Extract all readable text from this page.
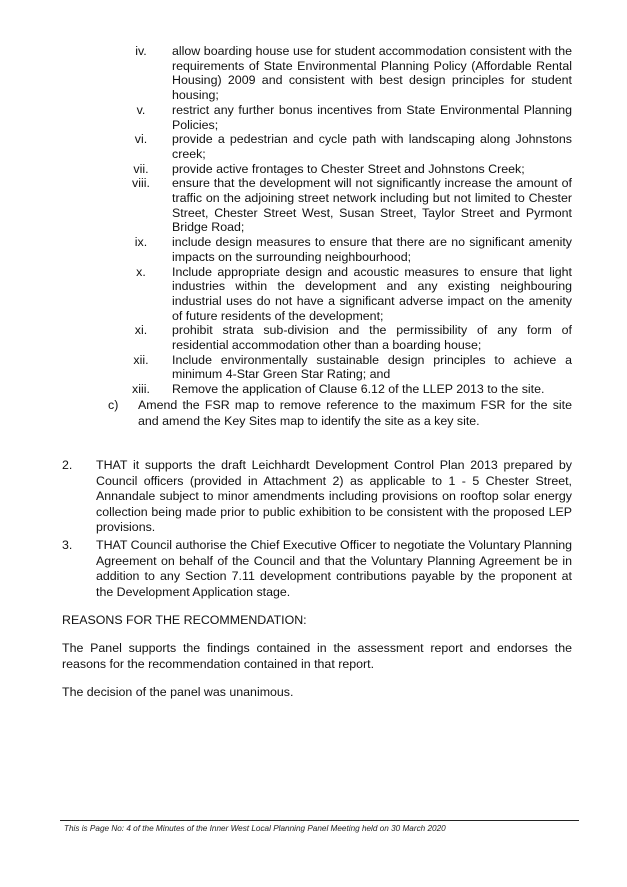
iv.	allow boarding house use for student accommodation consistent with the requirements of State Environmental Planning Policy (Affordable Rental Housing) 2009 and consistent with best design principles for student housing;
v.	restrict any further bonus incentives from State Environmental Planning Policies;
vi.	provide a pedestrian and cycle path with landscaping along Johnstons creek;
vii.	provide active frontages to Chester Street and Johnstons Creek;
viii.	ensure that the development will not significantly increase the amount of traffic on the adjoining street network including but not limited to Chester Street, Chester Street West, Susan Street, Taylor Street and Pyrmont Bridge Road;
ix.	include design measures to ensure that there are no significant amenity impacts on the surrounding neighbourhood;
x.	Include appropriate design and acoustic measures to ensure that light industries within the development and any existing neighbouring industrial uses do not have a significant adverse impact on the amenity of future residents of the development;
xi.	prohibit strata sub-division and the permissibility of any form of residential accommodation other than a boarding house;
xii.	Include environmentally sustainable design principles to achieve a minimum 4-Star Green Star Rating; and
xiii.	Remove the application of Clause 6.12 of the LLEP 2013 to the site.
c)	Amend the FSR map to remove reference to the maximum FSR for the site and amend the Key Sites map to identify the site as a key site.
2.	THAT it supports the draft Leichhardt Development Control Plan 2013 prepared by Council officers (provided in Attachment 2) as applicable to 1 - 5 Chester Street, Annandale subject to minor amendments including provisions on rooftop solar energy collection being made prior to public exhibition to be consistent with the proposed LEP provisions.
3.	THAT Council authorise the Chief Executive Officer to negotiate the Voluntary Planning Agreement on behalf of the Council and that the Voluntary Planning Agreement be in addition to any Section 7.11 development contributions payable by the proponent at the Development Application stage.
REASONS FOR THE RECOMMENDATION:
The Panel supports the findings contained in the assessment report and endorses the reasons for the recommendation contained in that report.
The decision of the panel was unanimous.
This is Page No: 4 of the Minutes of the Inner West Local Planning Panel Meeting held on 30 March 2020
